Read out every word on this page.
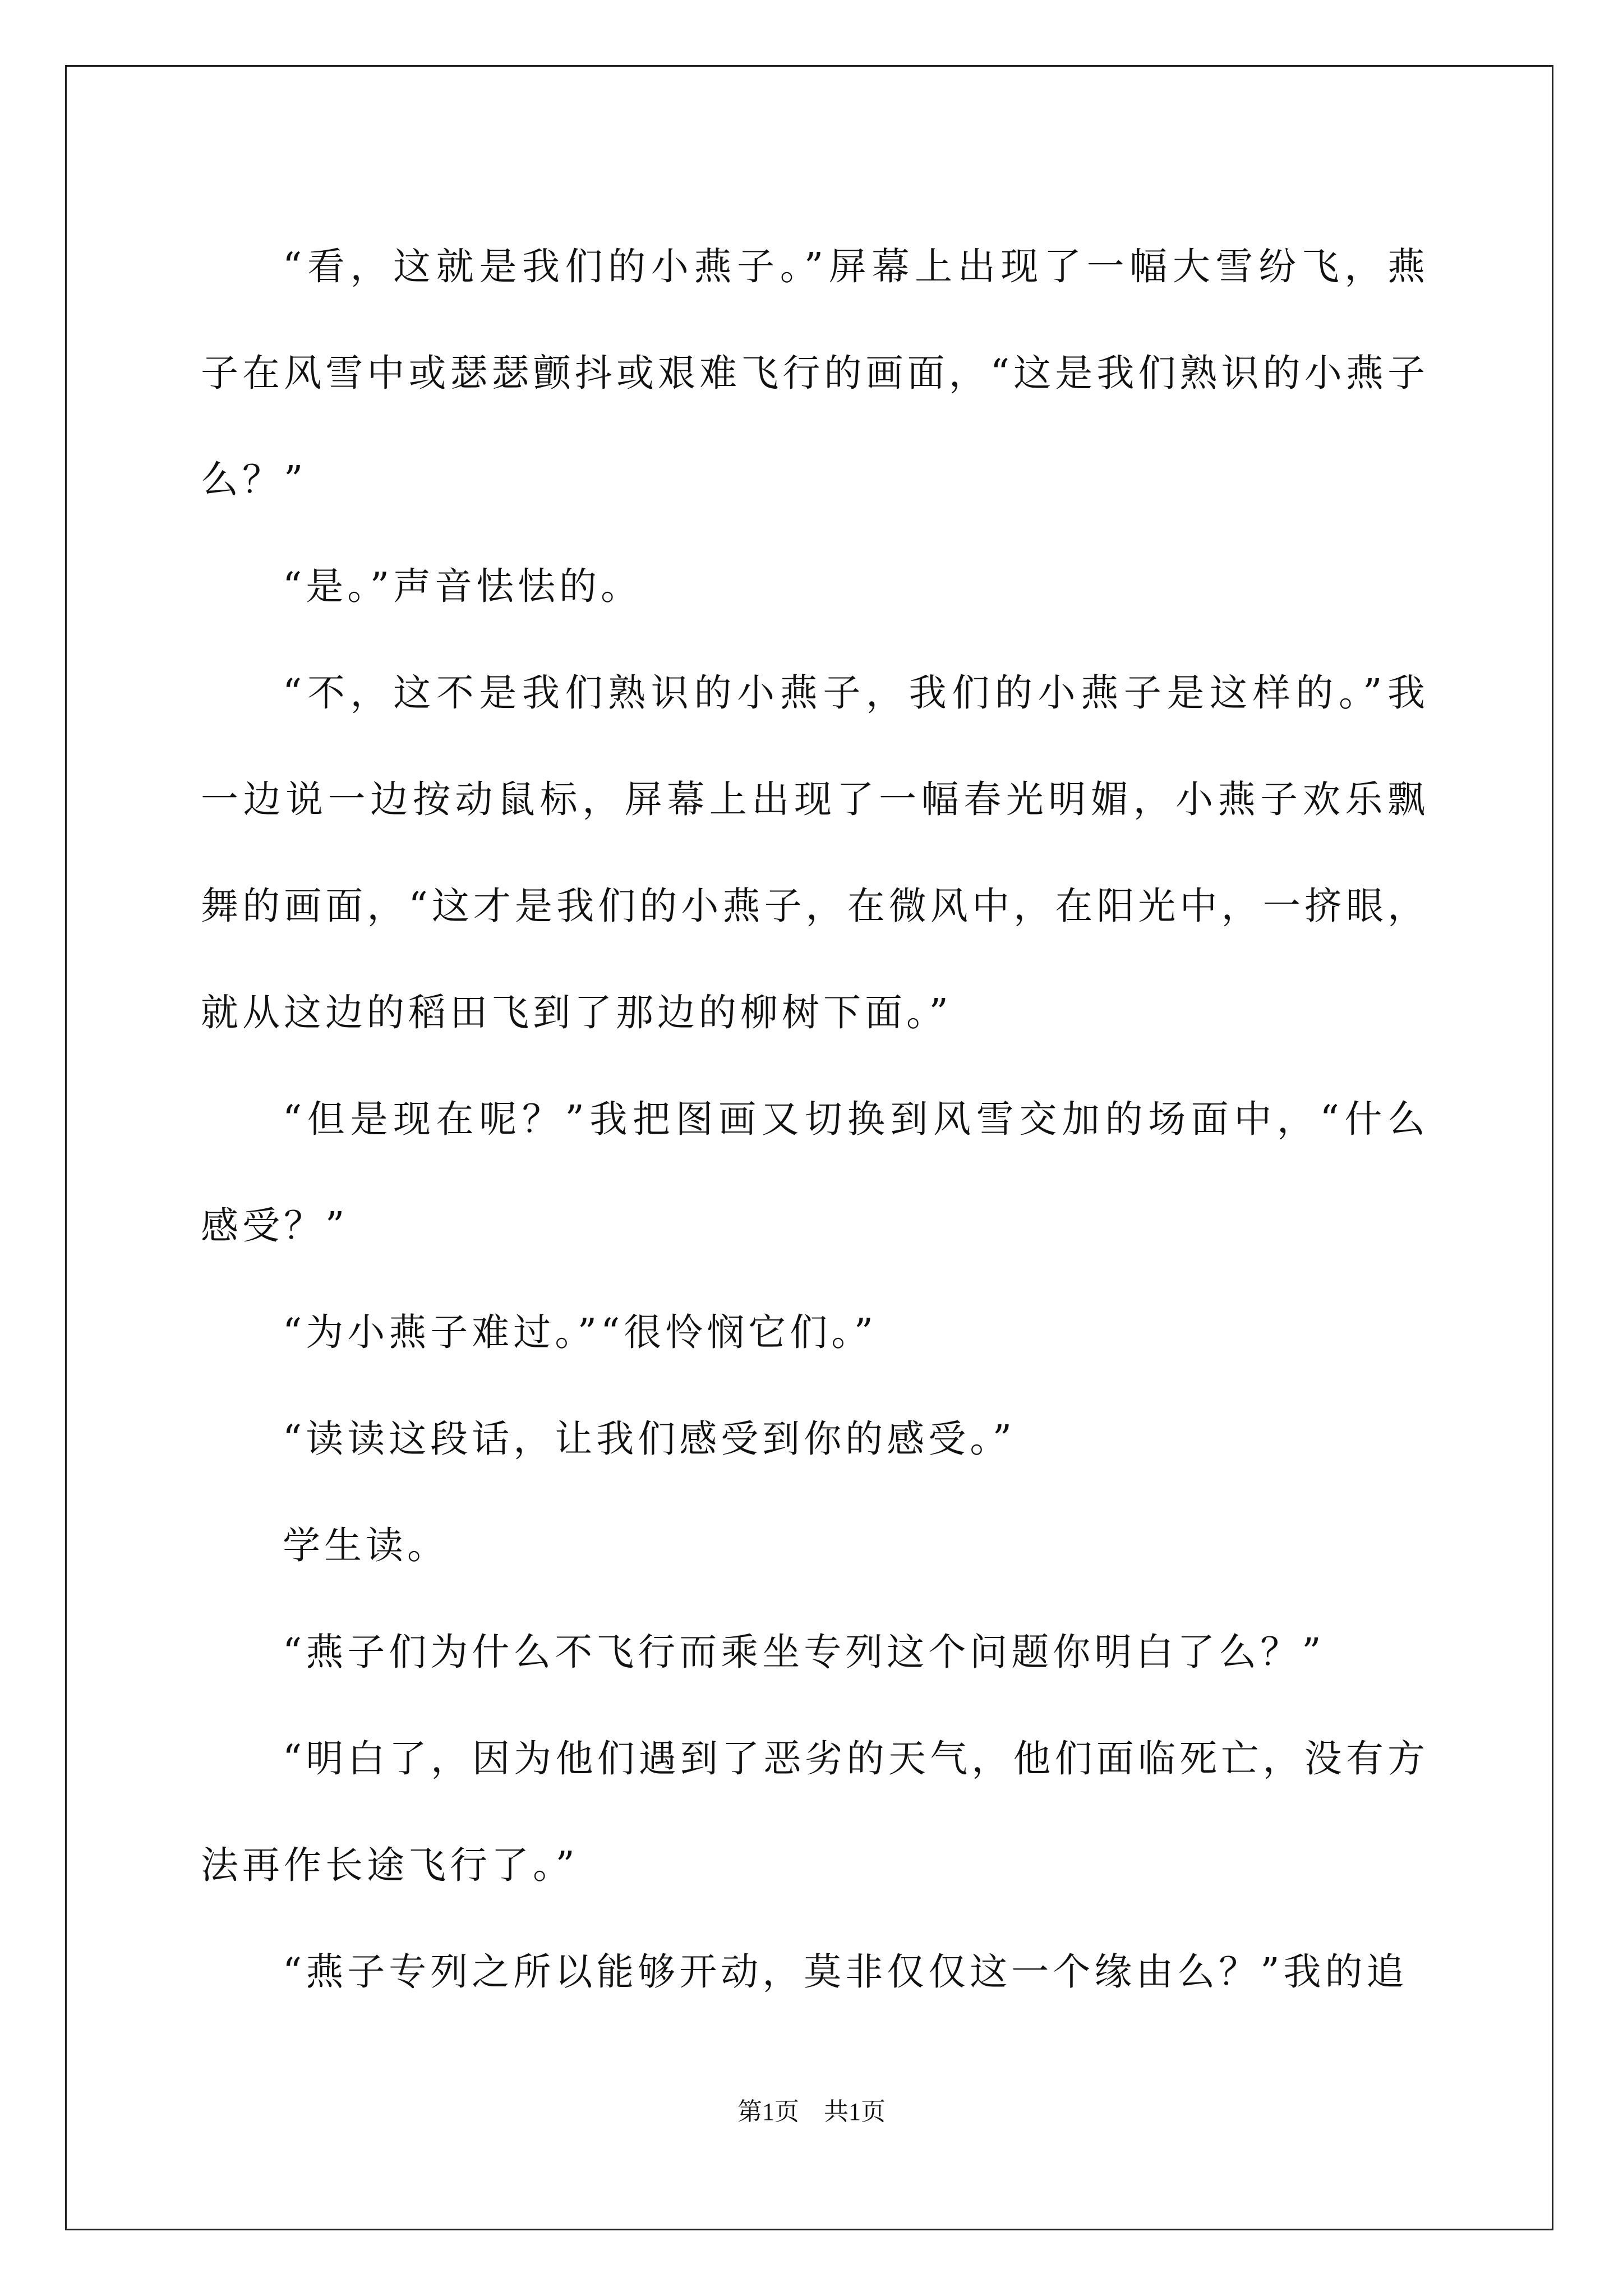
“看，这就是我们的小燕子。”屏幕上出现了一幅大雪纷飞，燕子在风雪中或瑟瑟颤抖或艰难飞行的画面，“这是我们熟识的小燕子么？”

“是。”声音怯怯的。

“不，这不是我们熟识的小燕子，我们的小燕子是这样的。”我一边说一边按动鼠标，屏幕上出现了一幅春光明媚，小燕子欢乐飘舞的画面，“这才是我们的小燕子，在微风中，在阳光中，一挤眼，就从这边的稻田飞到了那边的柳树下面。”

“但是现在呢？”我把图画又切换到风雪交加的场面中，“什么感受？”

“为小燕子难过。”“很怜悯它们。”

“读读这段话，让我们感受到你的感受。”

学生读。

“燕子们为什么不飞行而乘坐专列这个问题你明白了么？”

“明白了，因为他们遇到了恶劣的天气，他们面临死亡，没有方法再作长途飞行了。”

“燕子专列之所以能够开动，莫非仅仅这一个缘由么？”我的追

第1页 共1页
